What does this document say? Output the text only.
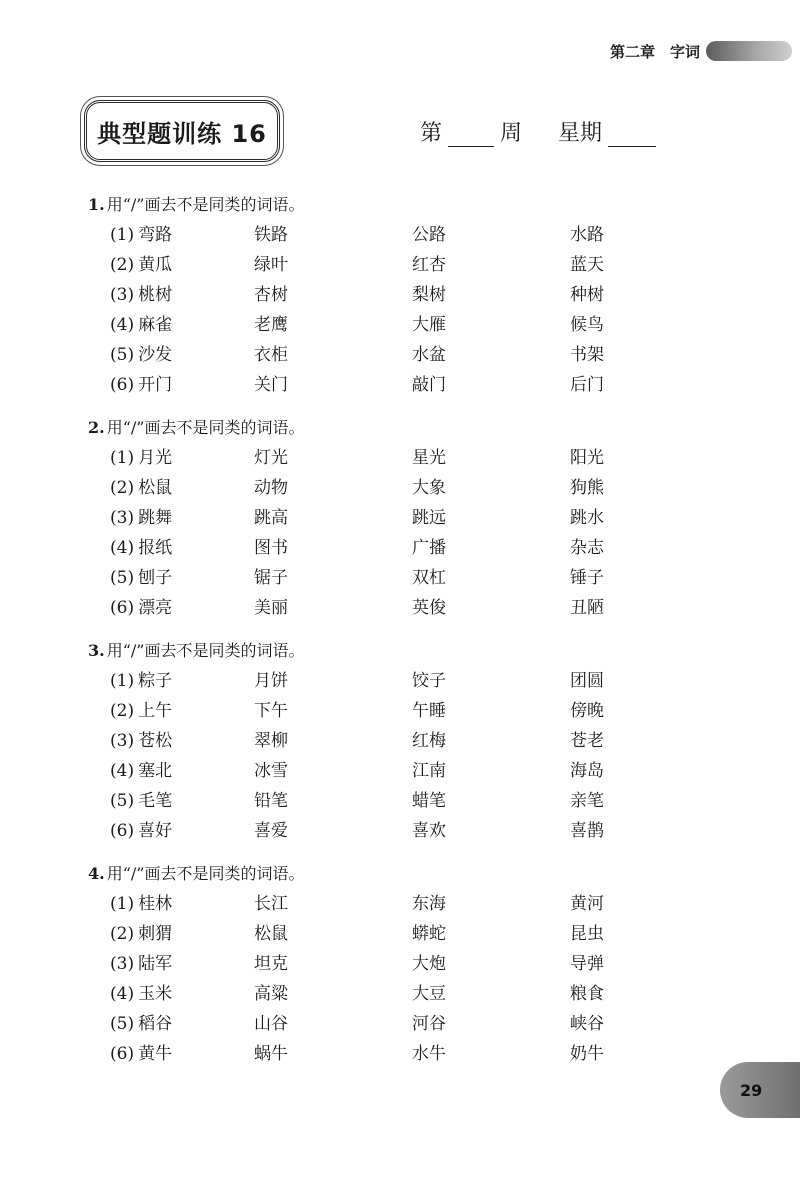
第二章　字词
典型题训练 16	第	周 星期
1. 用“/”画去不是同类的词语。
(1) 弯路	铁路	公路	水路
(2) 黄瓜	绿叶	红杏	蓝天
(3) 桃树	杏树	梨树	种树
(4) 麻雀	老鹰	大雁	候鸟
(5) 沙发	衣柜	水盆	书架
(6) 开门	关门	敲门	后门
2. 用“/”画去不是同类的词语。
(1) 月光	灯光	星光	阳光
(2) 松鼠	动物	大象	狗熊
(3) 跳舞	跳高	跳远	跳水
(4) 报纸	图书	广播	杂志
(5) 刨子	锯子	双杠	锤子
(6) 漂亮	美丽	英俊	丑陋
3. 用“/”画去不是同类的词语。
(1) 粽子	月饼	饺子	团圆
(2) 上午	下午	午睡	傍晚
(3) 苍松	翠柳	红梅	苍老
(4) 塞北	冰雪	江南	海岛
(5) 毛笔	铅笔	蜡笔	亲笔
(6) 喜好	喜爱	喜欢	喜鹊
4. 用“/”画去不是同类的词语。
(1) 桂林	长江	东海	黄河
(2) 刺猬	松鼠	蟒蛇	昆虫
(3) 陆军	坦克	大炮	导弹
(4) 玉米	高粱	大豆	粮食
(5) 稻谷	山谷	河谷	峡谷
(6) 黄牛	蜗牛	水牛	奶牛
29
